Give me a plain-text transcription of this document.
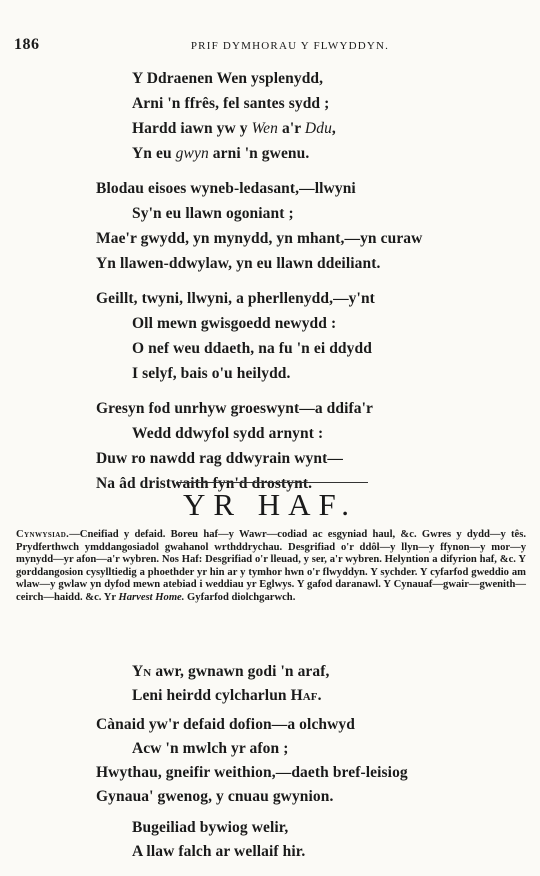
186	PRIF DYMHORAU Y FLWYDDYN.
Y Ddraenen Wen ysplenydd,
Arni 'n ffrês, fel santes sydd ;
Hardd iawn yw y Wen a'r Ddu,
Yn eu gwyn arni 'n gwenu.
Blodau eisoes wyneb-ledasant,—llwyni
Sy'n eu llawn ogoniant ;
Mae'r gwydd, yn mynydd, yn mhant,—yn curaw
Yn llawen-ddwylaw, yn eu llawn ddeiliant.
Geillt, twyni, llwyni, a pherllenydd,—y'nt
Oll mewn gwisgoedd newydd :
O nef weu ddaeth, na fu 'n ei ddydd
I selyf, bais o'u heilydd.
Gresyn fod unrhyw groeswynt—a ddifa'r
Wedd ddwyfol sydd arnynt :
Duw ro nawdd rag ddwyrain wynt—
Na âd dristwaith fyn'd drostynt.
YR HAF.
Cynwysiad.—Cneifiad y defaid. Boreu haf—y Wawr—codiad ac esgyniad haul, &c. Gwres y dydd—y tês. Prydferthwch ymddangosiadol gwahanol wrthddrychau. Desgrifiad o'r ddôl—y llyn—y ffynon—y mor—y mynydd—yr afon—a'r wybren. Nos Haf: Desgrifiad o'r lleuad, y ser, a'r wybren. Helyntion a difyrion haf, &c. Y gorddangosion cysylltiedig a phoethder yr hin ar y tymhor hwn o'r flwyddyn. Y sychder. Y cyfarfod gweddio am wlaw—y gwlaw yn dyfod mewn atebiad i weddiau yr Eglwys. Y gafod daranawl. Y Cynauaf—gwair—gwenith—ceirch—haidd. &c. Yr Harvest Home. Gyfarfod diolchgarwch.
Yn awr, gwnawn godi 'n araf,
Leni heirdd cylcharlun Haf.
Cànaid yw'r defaid dofion—a olchwyd
Acw 'n mwlch yr afon ;
Hwythau, gneifir weithion,—daeth bref-leisiog
Gynaua' gwenog, y cnuau gwynion.
Bugeiliad bywiog welir,
A llaw falch ar wellaif hir.
